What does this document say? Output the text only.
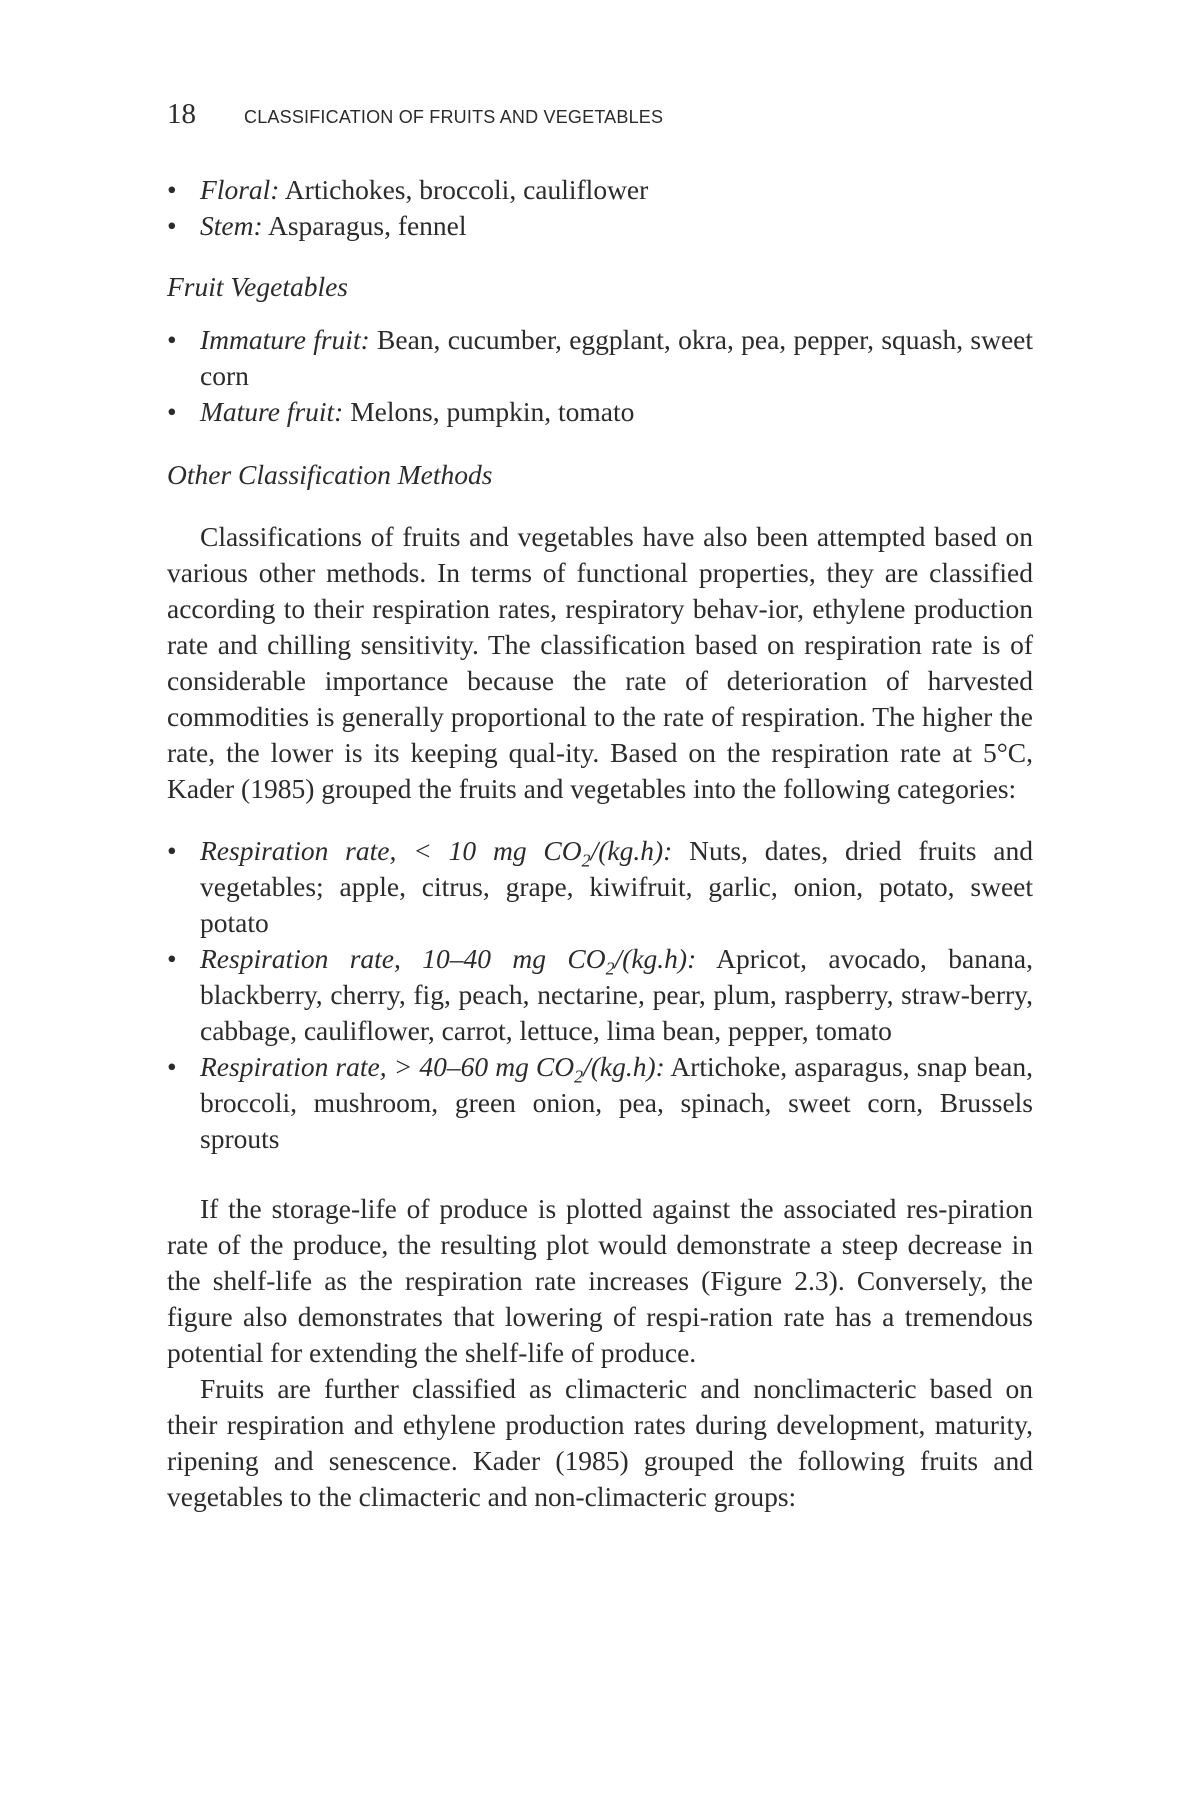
18	CLASSIFICATION OF FRUITS AND VEGETABLES
• Floral: Artichokes, broccoli, cauliflower
• Stem: Asparagus, fennel
Fruit Vegetables
• Immature fruit: Bean, cucumber, eggplant, okra, pea, pepper, squash, sweet corn
• Mature fruit: Melons, pumpkin, tomato
Other Classification Methods

Classifications of fruits and vegetables have also been attempted based on various other methods. In terms of functional properties, they are classified according to their respiration rates, respiratory behav-ior, ethylene production rate and chilling sensitivity. The classification based on respiration rate is of considerable importance because the rate of deterioration of harvested commodities is generally proportional to the rate of respiration. The higher the rate, the lower is its keeping qual-ity. Based on the respiration rate at 5°C, Kader (1985) grouped the fruits and vegetables into the following categories:

• Respiration rate, < 10 mg $CO_2/(kg.h)$: Nuts, dates, dried fruits and vegetables; apple, citrus, grape, kiwifruit, garlic, onion, potato, sweet potato
• Respiration rate, 10–40 mg $CO_2/(kg.h)$: Apricot, avocado, banana, blackberry, cherry, fig, peach, nectarine, pear, plum, raspberry, straw-berry, cabbage, cauliflower, carrot, lettuce, lima bean, pepper, tomato
• Respiration rate, > 40–60 mg $CO_2/(kg.h)$: Artichoke, asparagus, snap bean, broccoli, mushroom, green onion, pea, spinach, sweet corn, Brussels sprouts

If the storage-life of produce is plotted against the associated res-piration rate of the produce, the resulting plot would demonstrate a steep decrease in the shelf-life as the respiration rate increases (Figure 2.3). Conversely, the figure also demonstrates that lowering of respi-ration rate has a tremendous potential for extending the shelf-life of produce.

Fruits are further classified as climacteric and nonclimacteric based on their respiration and ethylene production rates during development, maturity, ripening and senescence. Kader (1985) grouped the following fruits and vegetables to the climacteric and non-climacteric groups:
